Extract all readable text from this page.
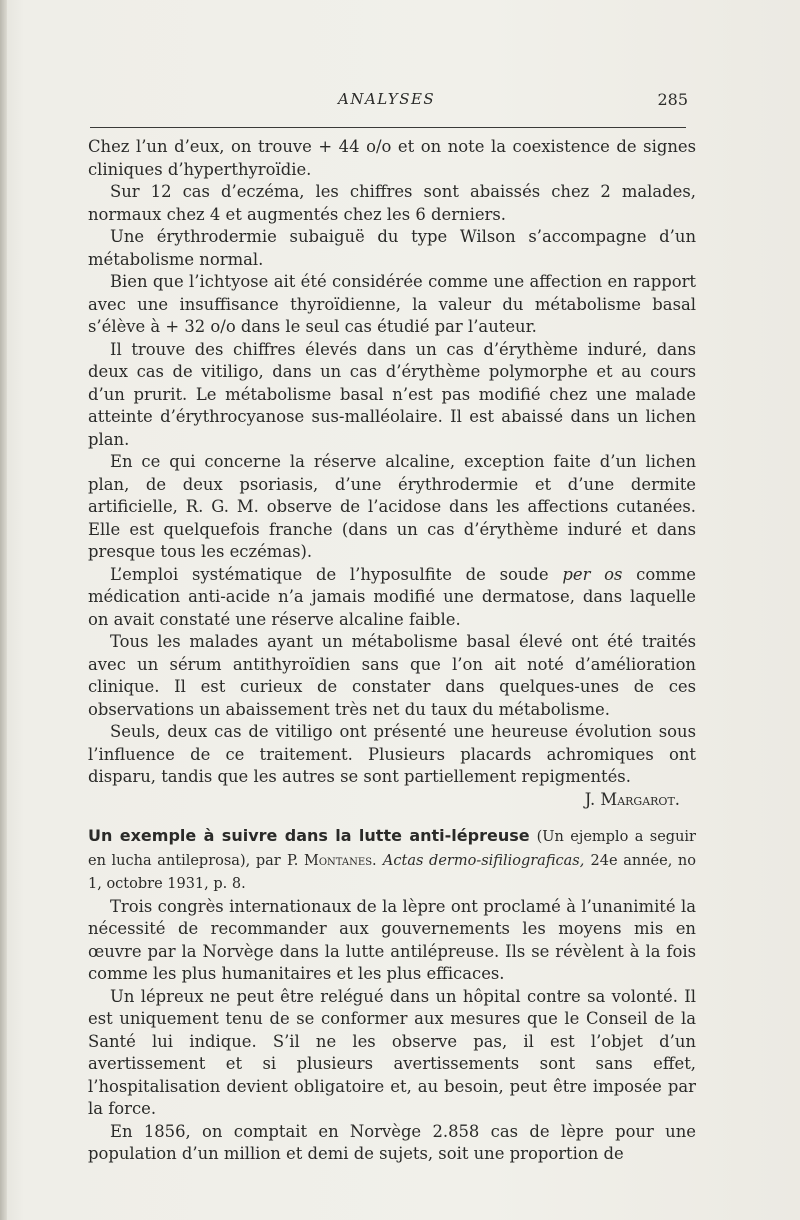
ANALYSES	285

Chez l’un d’eux, on trouve + 44 o/o et on note la coexistence de signes cliniques d’hyperthyroïdie.

Sur 12 cas d’eczéma, les chiffres sont abaissés chez 2 malades, normaux chez 4 et augmentés chez les 6 derniers.

Une érythrodermie subaiguë du type Wilson s’accompagne d’un métabolisme normal.

Bien que l’ichtyose ait été considérée comme une affection en rapport avec une insuffisance thyroïdienne, la valeur du métabolisme basal s’élève à + 32 o/o dans le seul cas étudié par l’auteur.

Il trouve des chiffres élevés dans un cas d’érythème induré, dans deux cas de vitiligo, dans un cas d’érythème polymorphe et au cours d’un prurit. Le métabolisme basal n’est pas modifié chez une malade atteinte d’érythrocyanose sus-malléolaire. Il est abaissé dans un lichen plan.

En ce qui concerne la réserve alcaline, exception faite d’un lichen plan, de deux psoriasis, d’une érythrodermie et d’une dermite artificielle, R. G. M. observe de l’acidose dans les affections cutanées. Elle est quelquefois franche (dans un cas d’érythème induré et dans presque tous les eczémas).

L’emploi systématique de l’hyposulfite de soude per os comme médication anti-acide n’a jamais modifié une dermatose, dans laquelle on avait constaté une réserve alcaline faible.

Tous les malades ayant un métabolisme basal élevé ont été traités avec un sérum antithyroïdien sans que l’on ait noté d’amélioration clinique. Il est curieux de constater dans quelques-unes de ces observations un abaissement très net du taux du métabolisme.

Seuls, deux cas de vitiligo ont présenté une heureuse évolution sous l’influence de ce traitement. Plusieurs placards achromiques ont disparu, tandis que les autres se sont partiellement repigmentés.

J. Margarot.

Un exemple à suivre dans la lutte anti-lépreuse (Un ejemplo a seguir en lucha antileprosa), par P. Montanes. Actas dermo-sifiliograficas, 24e année, no 1, octobre 1931, p. 8.

Trois congrès internationaux de la lèpre ont proclamé à l’unanimité la nécessité de recommander aux gouvernements les moyens mis en œuvre par la Norvège dans la lutte antilépreuse. Ils se révèlent à la fois comme les plus humanitaires et les plus efficaces.

Un lépreux ne peut être relégué dans un hôpital contre sa volonté. Il est uniquement tenu de se conformer aux mesures que le Conseil de la Santé lui indique. S’il ne les observe pas, il est l’objet d’un avertissement et si plusieurs avertissements sont sans effet, l’hospitalisation devient obligatoire et, au besoin, peut être imposée par la force.

En 1856, on comptait en Norvège 2.858 cas de lèpre pour une population d’un million et demi de sujets, soit une proportion de
